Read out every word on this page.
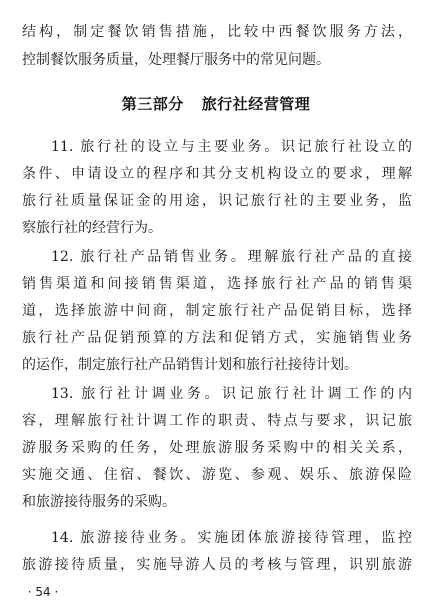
结构，制定餐饮销售措施，比较中西餐饮服务方法，
控制餐饮服务质量，处理餐厅服务中的常见问题。
第三部分 旅行社经营管理
11. 旅行社的设立与主要业务。识记旅行社设立的
条件、申请设立的程序和其分支机构设立的要求，理解
旅行社质量保证金的用途，识记旅行社的主要业务，监
察旅行社的经营行为。
12. 旅行社产品销售业务。理解旅行社产品的直接
销售渠道和间接销售渠道，选择旅行社产品的销售渠
道，选择旅游中间商，制定旅行社产品促销目标，选择
旅行社产品促销预算的方法和促销方式，实施销售业务
的运作，制定旅行社产品销售计划和旅行社接待计划。
13. 旅行社计调业务。识记旅行社计调工作的内
容，理解旅行社计调工作的职责、特点与要求，识记旅
游服务采购的任务，处理旅游服务采购中的相关关系，
实施交通、住宿、餐饮、游览、参观、娱乐、旅游保险
和旅游接待服务的采购。
14. 旅游接待业务。实施团体旅游接待管理，监控
旅游接待质量，实施导游人员的考核与管理，识别旅游
· 54 ·
